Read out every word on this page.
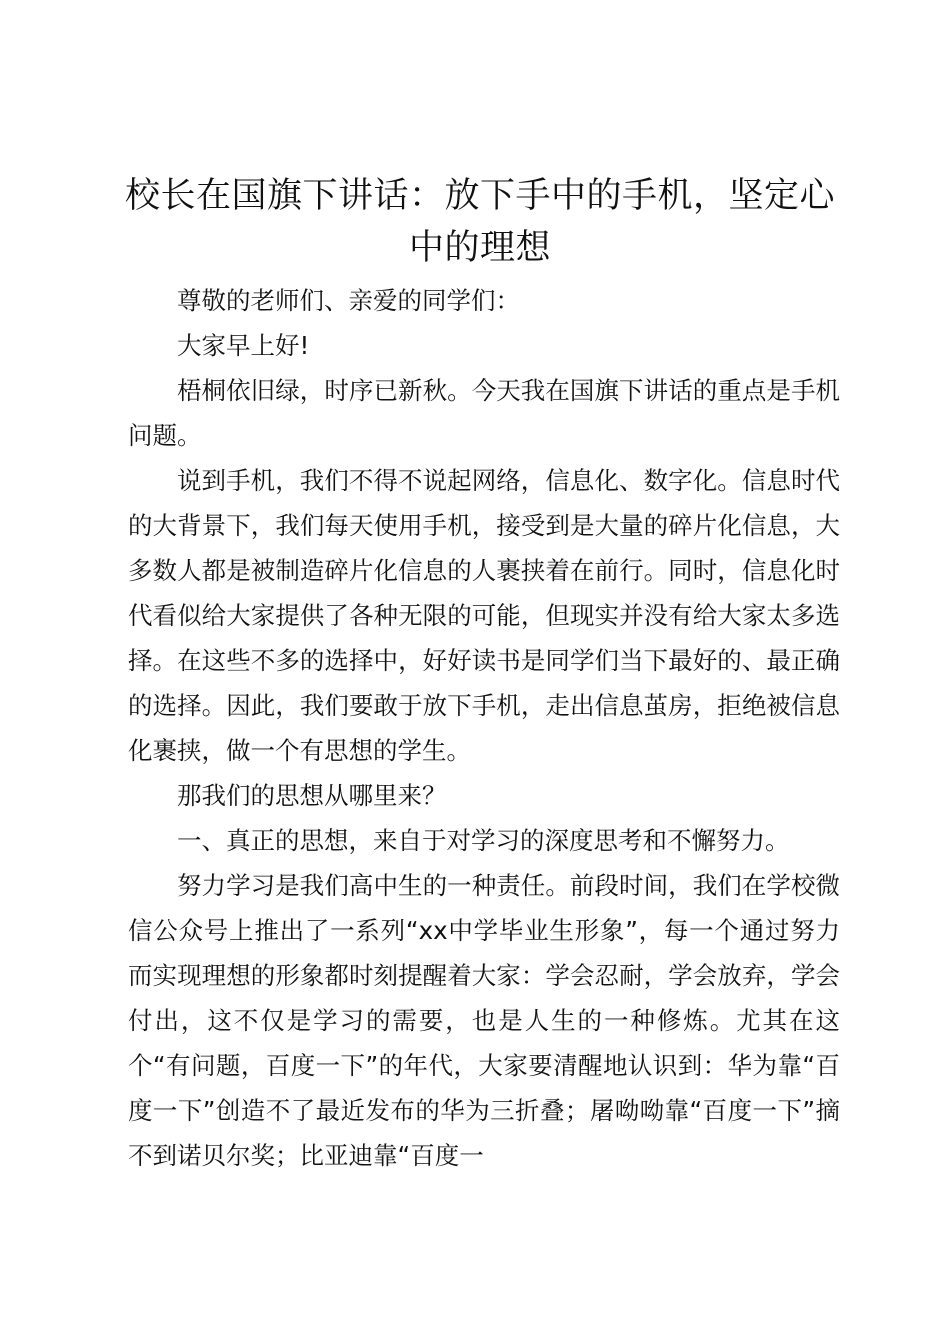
校长在国旗下讲话：放下手中的手机，坚定心中的理想

尊敬的老师们、亲爱的同学们：

大家早上好!

梧桐依旧绿，时序已新秋。今天我在国旗下讲话的重点是手机问题。

说到手机，我们不得不说起网络，信息化、数字化。信息时代的大背景下，我们每天使用手机，接受到是大量的碎片化信息，大多数人都是被制造碎片化信息的人裹挟着在前行。同时，信息化时代看似给大家提供了各种无限的可能，但现实并没有给大家太多选择。在这些不多的选择中，好好读书是同学们当下最好的、最正确的选择。因此，我们要敢于放下手机，走出信息茧房，拒绝被信息化裹挟，做一个有思想的学生。

那我们的思想从哪里来？

一、真正的思想，来自于对学习的深度思考和不懈努力。

努力学习是我们高中生的一种责任。前段时间，我们在学校微信公众号上推出了一系列“xx中学毕业生形象”，每一个通过努力而实现理想的形象都时刻提醒着大家：学会忍耐，学会放弃，学会付出，这不仅是学习的需要，也是人生的一种修炼。尤其在这个“有问题，百度一下”的年代，大家要清醒地认识到：华为靠“百度一下”创造不了最近发布的华为三折叠；屠呦呦靠“百度一下”摘不到诺贝尔奖；比亚迪靠“百度一
